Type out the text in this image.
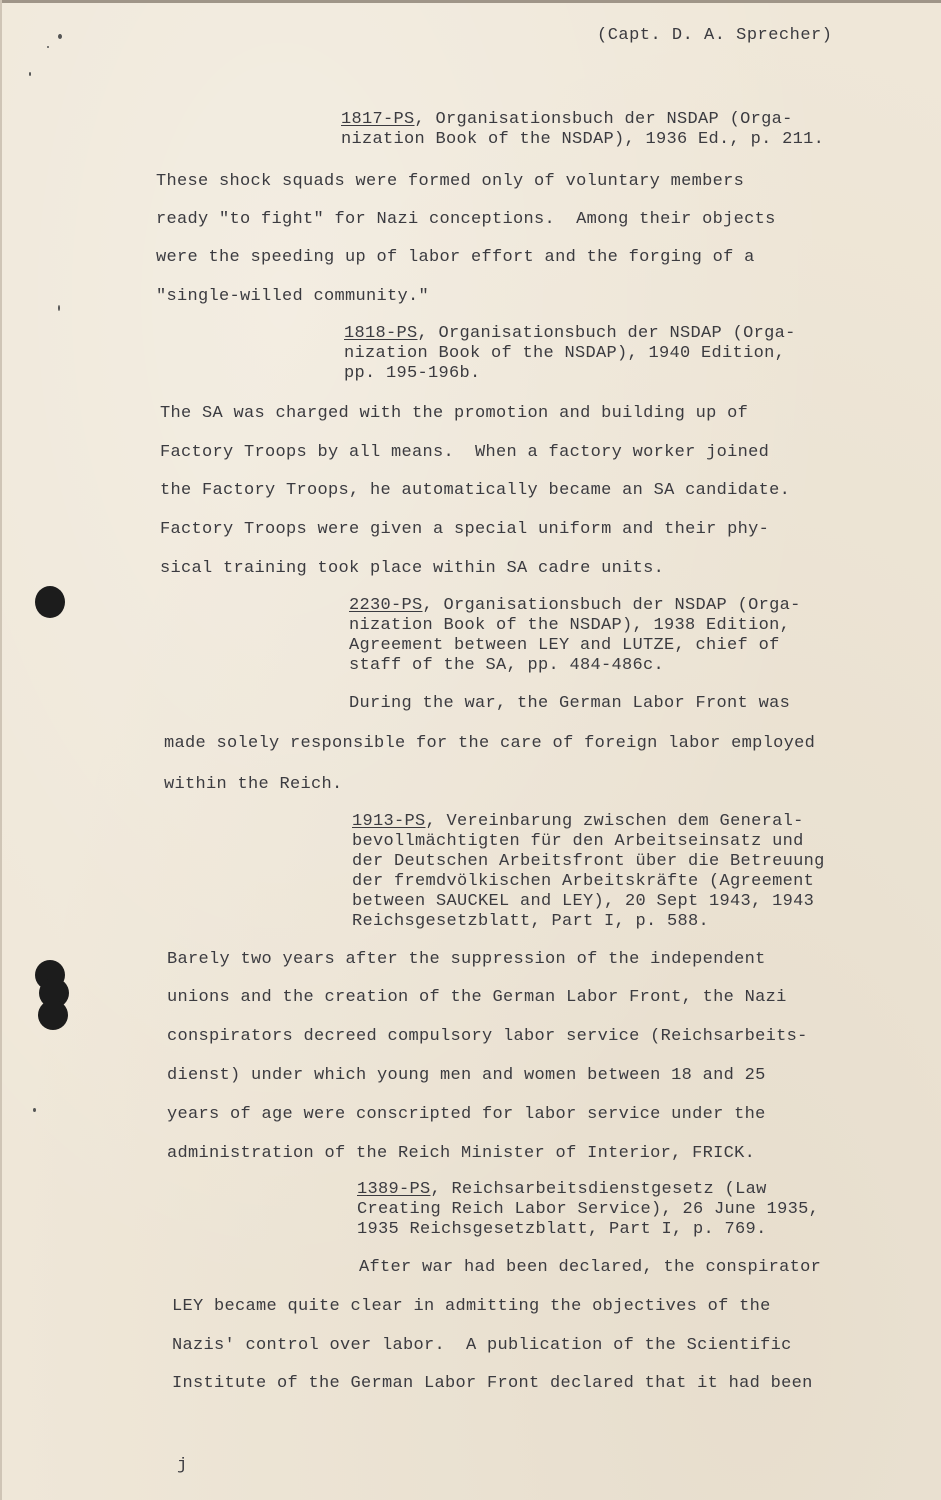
(Capt. D. A. Sprecher)
1817-PS, Organisationsbuch der NSDAP (Orga-
nization Book of the NSDAP), 1936 Ed., p. 211.
These shock squads were formed only of voluntary members
ready "to fight" for Nazi conceptions.  Among their objects
were the speeding up of labor effort and the forging of a
"single-willed community."
1818-PS, Organisationsbuch der NSDAP (Orga-
nization Book of the NSDAP), 1940 Edition,
pp. 195-196b.
The SA was charged with the promotion and building up of
Factory Troops by all means.  When a factory worker joined
the Factory Troops, he automatically became an SA candidate.
Factory Troops were given a special uniform and their phy-
sical training took place within SA cadre units.
2230-PS, Organisationsbuch der NSDAP (Orga-
nization Book of the NSDAP), 1938 Edition,
Agreement between LEY and LUTZE, chief of
staff of the SA, pp. 484-486c.
During the war, the German Labor Front was
made solely responsible for the care of foreign labor employed
within the Reich.
1913-PS, Vereinbarung zwischen dem General-
bevollmächtigten für den Arbeitseinsatz und
der Deutschen Arbeitsfront über die Betreuung
der fremdvölkischen Arbeitskräfte (Agreement
between SAUCKEL and LEY), 20 Sept 1943, 1943
Reichsgesetzblatt, Part I, p. 588.
Barely two years after the suppression of the independent
unions and the creation of the German Labor Front, the Nazi
conspirators decreed compulsory labor service (Reichsarbeits-
dienst) under which young men and women between 18 and 25
years of age were conscripted for labor service under the
administration of the Reich Minister of Interior, FRICK.
1389-PS, Reichsarbeitsdienstgesetz (Law
Creating Reich Labor Service), 26 June 1935,
1935 Reichsgesetzblatt, Part I, p. 769.
After war had been declared, the conspirator
LEY became quite clear in admitting the objectives of the
Nazis' control over labor.  A publication of the Scientific
Institute of the German Labor Front declared that it had been
j
